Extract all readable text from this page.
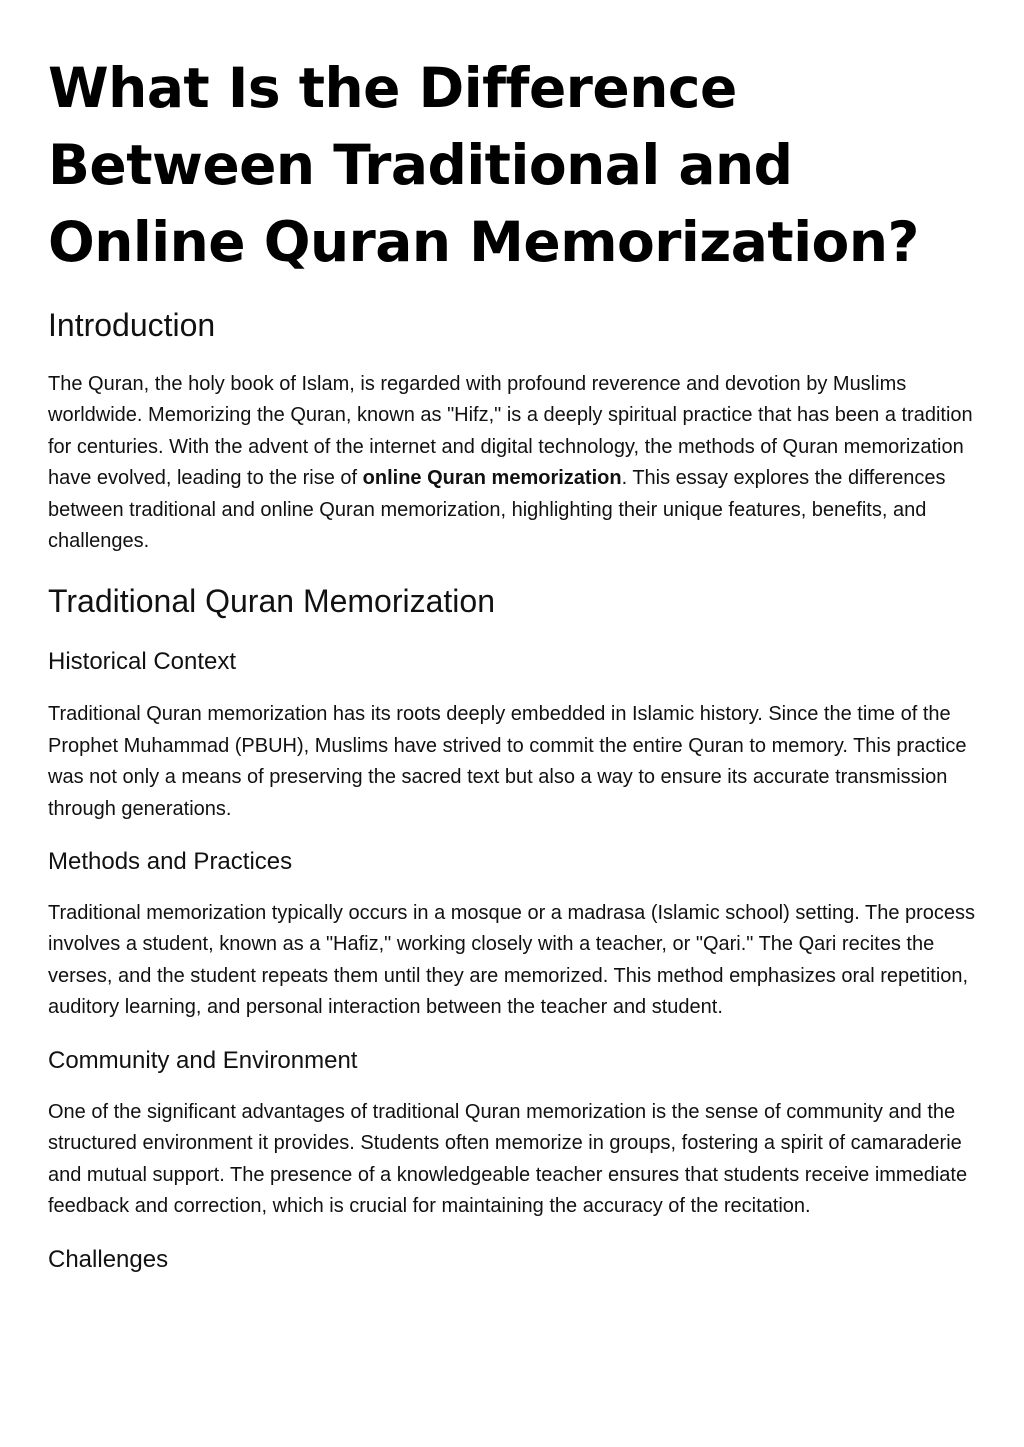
What Is the Difference Between Traditional and Online Quran Memorization?
Introduction

The Quran, the holy book of Islam, is regarded with profound reverence and devotion by Muslims worldwide. Memorizing the Quran, known as "Hifz," is a deeply spiritual practice that has been a tradition for centuries. With the advent of the internet and digital technology, the methods of Quran memorization have evolved, leading to the rise of online Quran memorization. This essay explores the differences between traditional and online Quran memorization, highlighting their unique features, benefits, and challenges.

Traditional Quran Memorization
Historical Context

Traditional Quran memorization has its roots deeply embedded in Islamic history. Since the time of the Prophet Muhammad (PBUH), Muslims have strived to commit the entire Quran to memory. This practice was not only a means of preserving the sacred text but also a way to ensure its accurate transmission through generations.

Methods and Practices

Traditional memorization typically occurs in a mosque or a madrasa (Islamic school) setting. The process involves a student, known as a "Hafiz," working closely with a teacher, or "Qari." The Qari recites the verses, and the student repeats them until they are memorized. This method emphasizes oral repetition, auditory learning, and personal interaction between the teacher and student.

Community and Environment

One of the significant advantages of traditional Quran memorization is the sense of community and the structured environment it provides. Students often memorize in groups, fostering a spirit of camaraderie and mutual support. The presence of a knowledgeable teacher ensures that students receive immediate feedback and correction, which is crucial for maintaining the accuracy of the recitation.

Challenges
